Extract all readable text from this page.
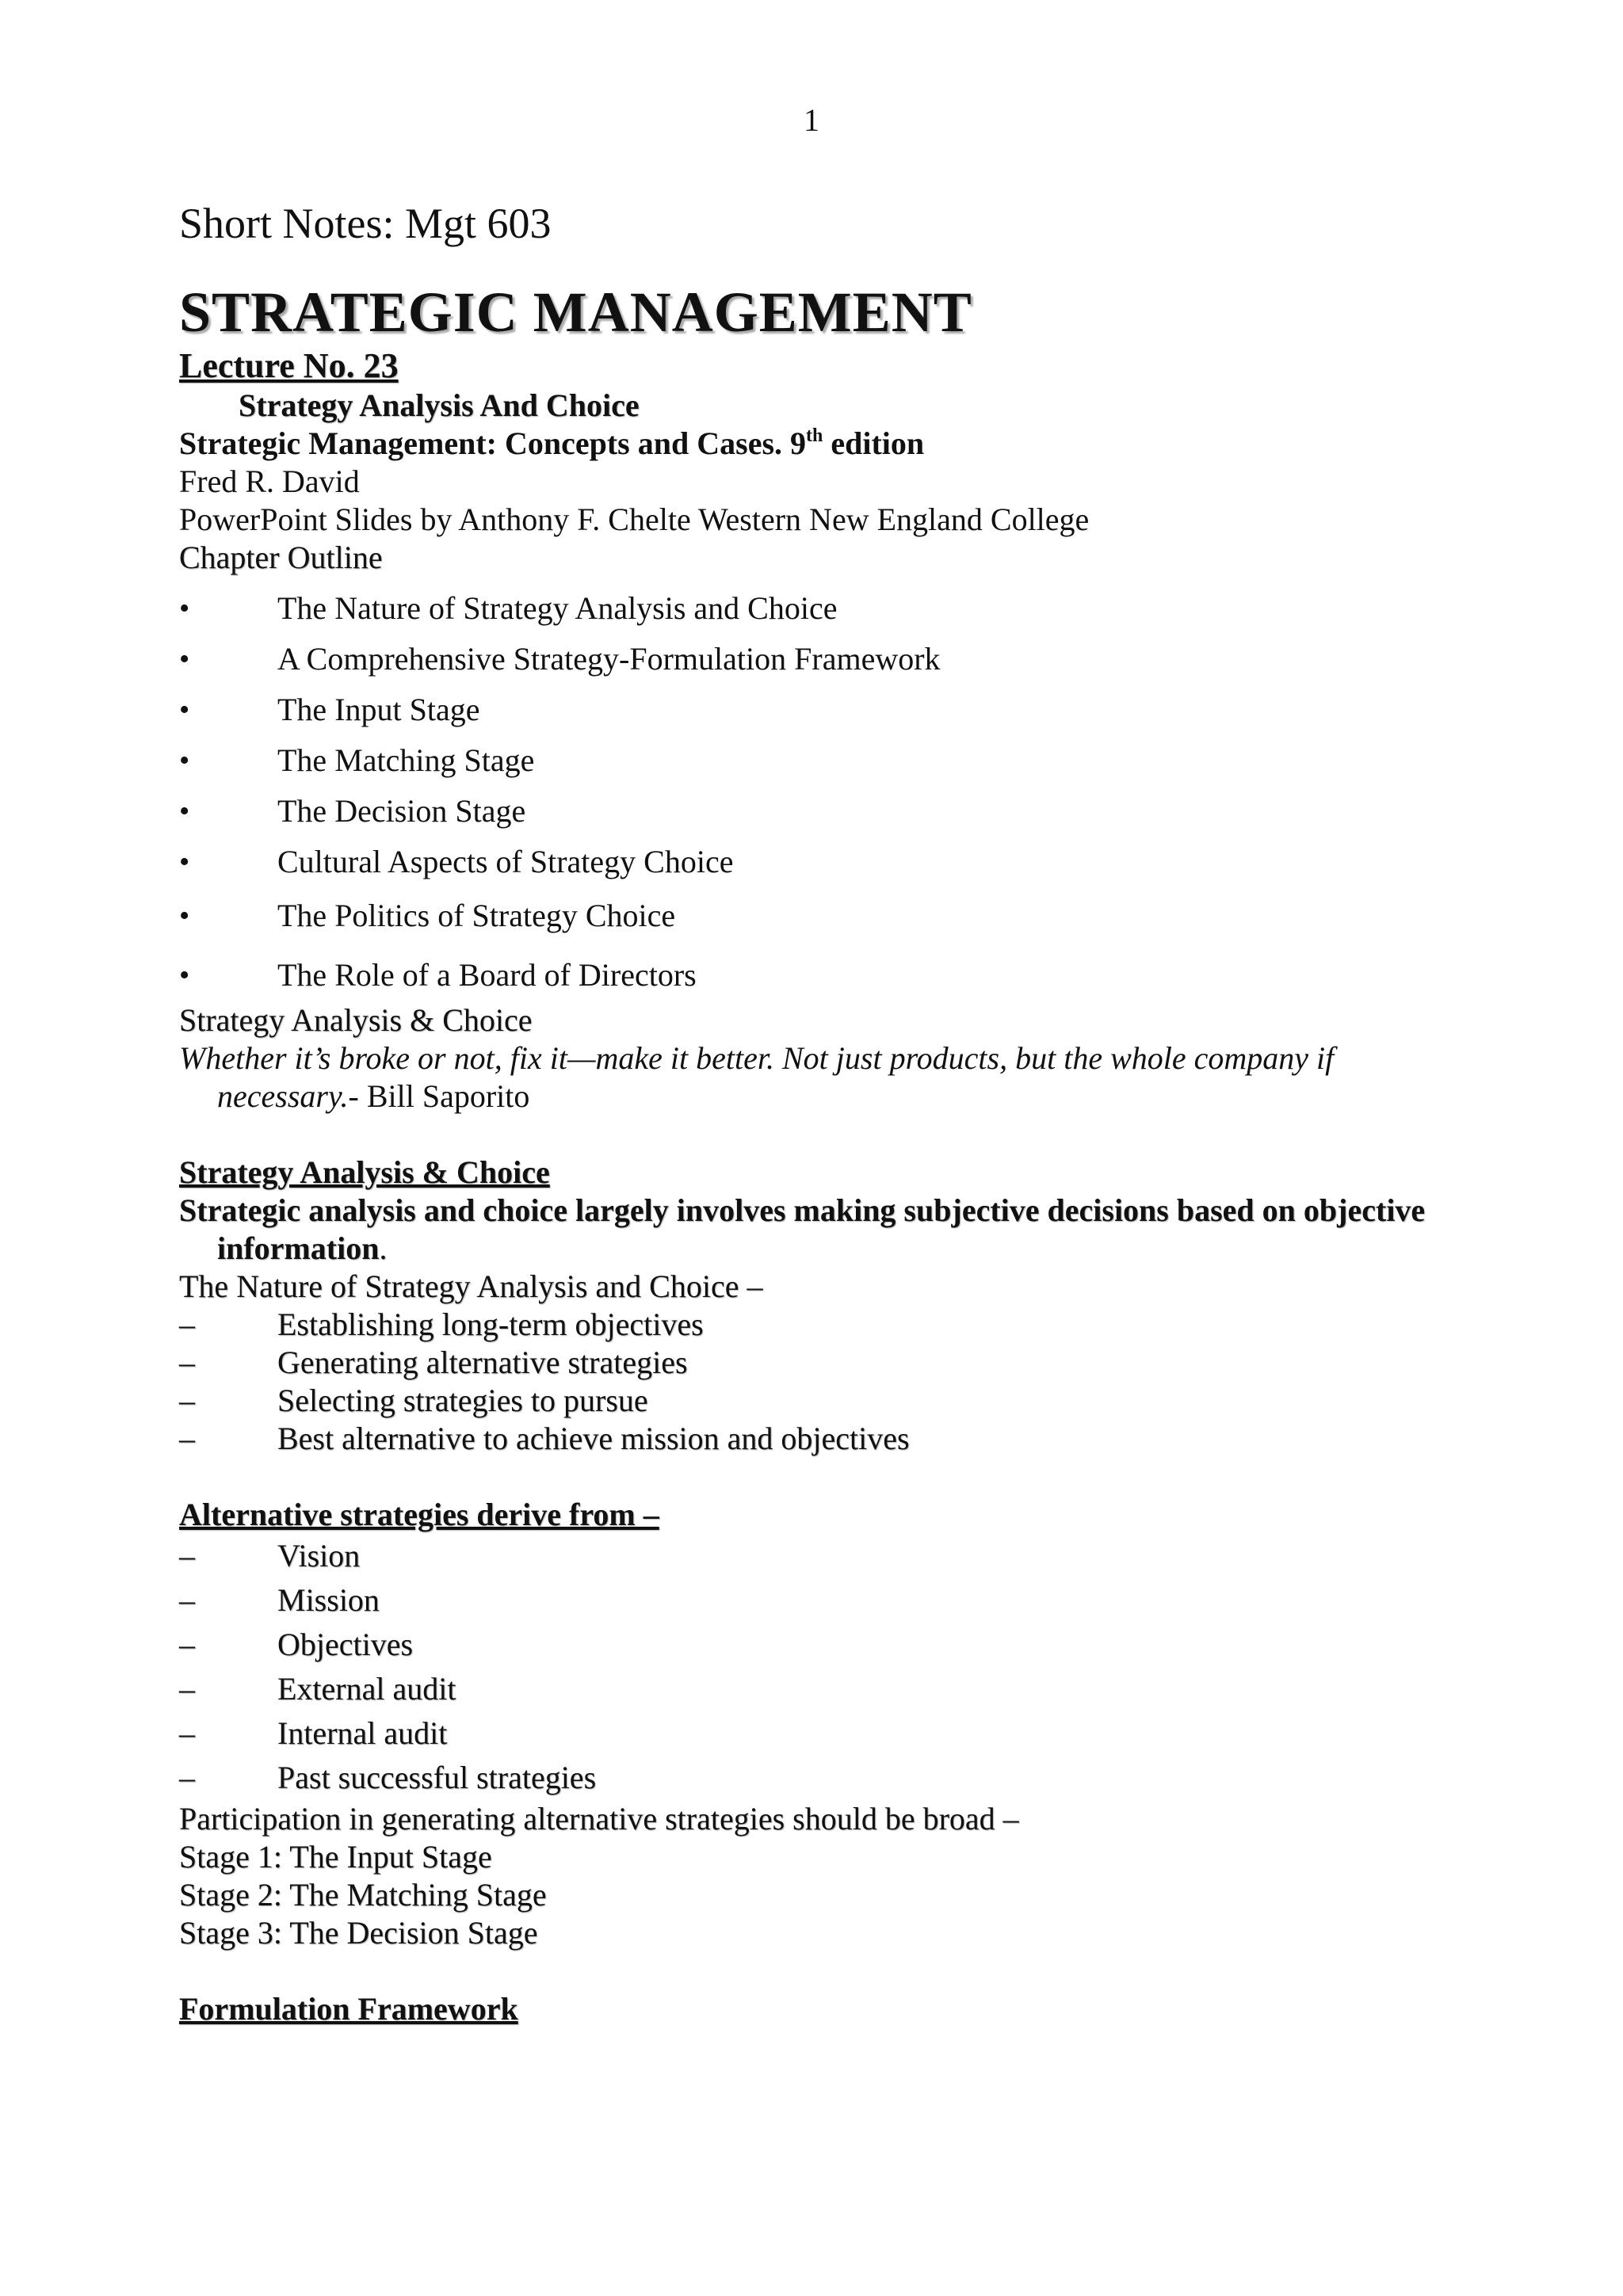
1
Short Notes: Mgt 603
STRATEGIC MANAGEMENT
Lecture No. 23
Strategy Analysis And Choice
Strategic Management: Concepts and Cases. 9th edition
Fred R. David
PowerPoint Slides by Anthony F. Chelte Western New England College
Chapter Outline
•	The Nature of Strategy Analysis and Choice
•	A Comprehensive Strategy-Formulation Framework
•	The Input Stage
•	The Matching Stage
•	The Decision Stage
•	Cultural Aspects of Strategy Choice
•	The Politics of Strategy Choice
•	The Role of a Board of Directors
Strategy Analysis & Choice
Whether it’s broke or not, fix it—make it better. Not just products, but the whole company if necessary.- Bill Saporito
Strategy Analysis & Choice
Strategic analysis and choice largely involves making subjective decisions based on objective information.
The Nature of Strategy Analysis and Choice –
–	Establishing long-term objectives
–	Generating alternative strategies
–	Selecting strategies to pursue
–	Best alternative to achieve mission and objectives
Alternative strategies derive from –
–	Vision
–	Mission
–	Objectives
–	External audit
–	Internal audit
–	Past successful strategies
Participation in generating alternative strategies should be broad –
Stage 1: The Input Stage
Stage 2: The Matching Stage
Stage 3: The Decision Stage
Formulation Framework
